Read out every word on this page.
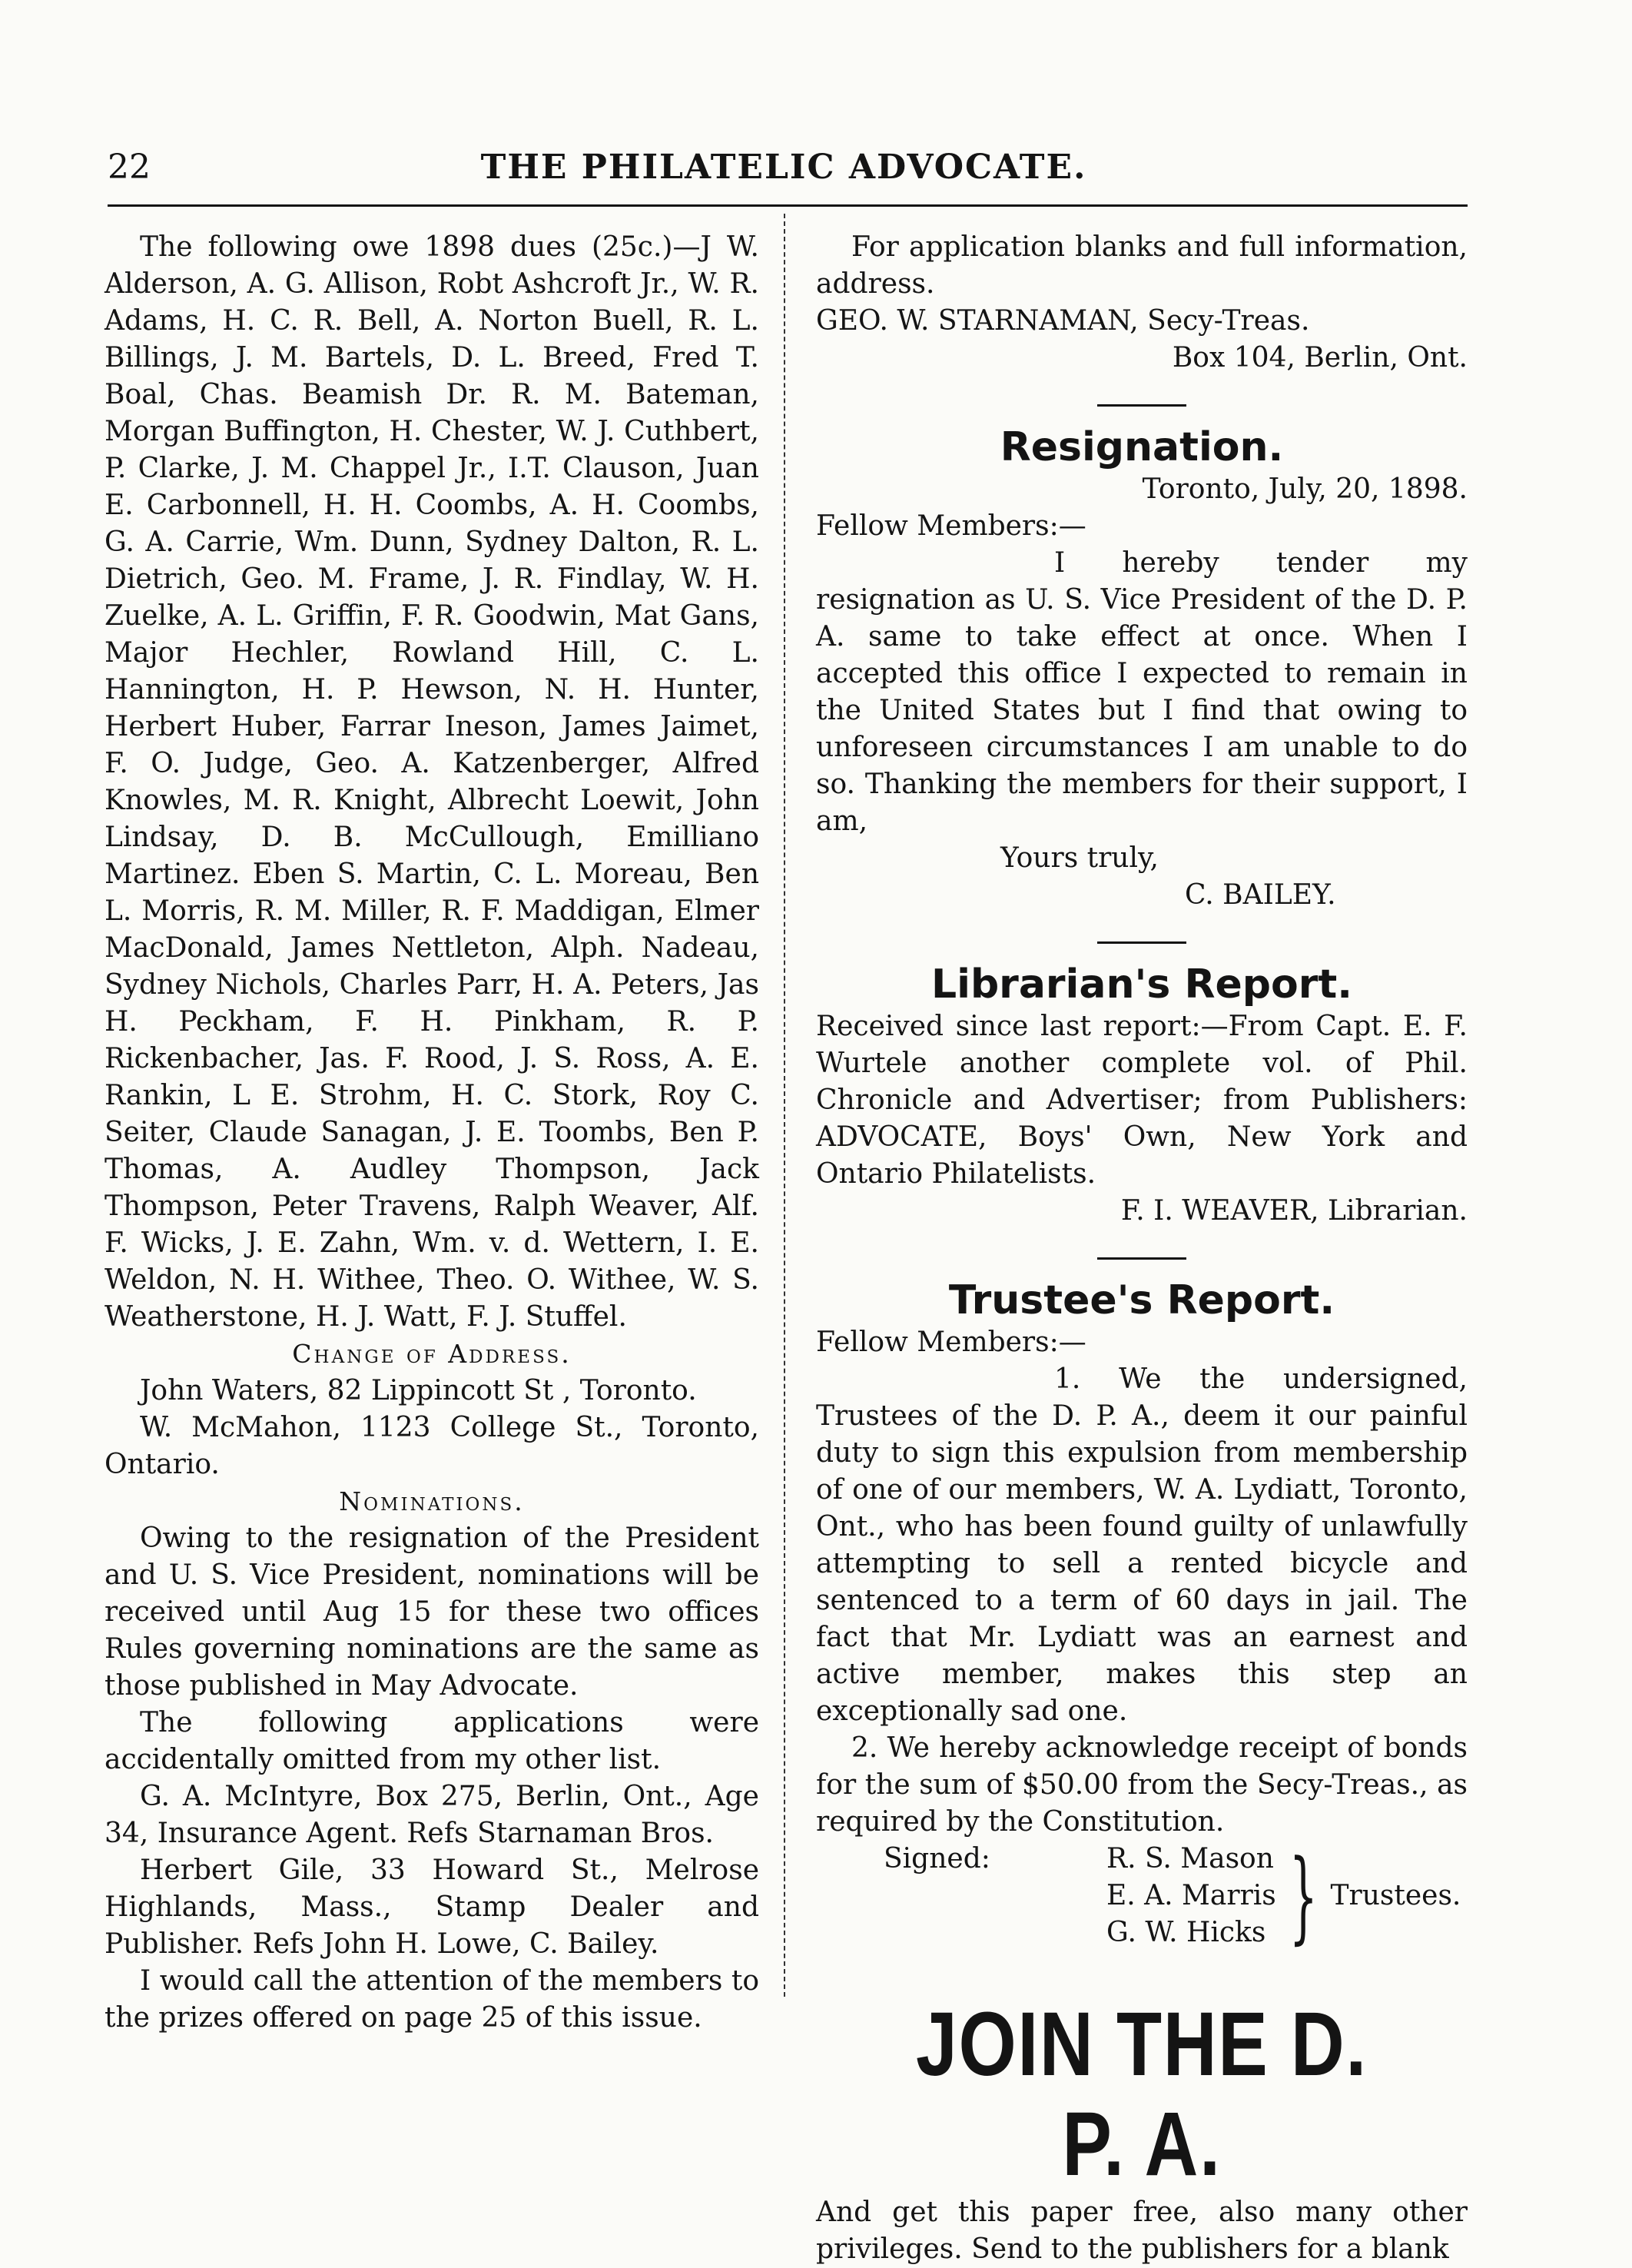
22	THE PHILATELIC ADVOCATE.

The following owe 1898 dues (25c.)—J W. Alderson, A. G. Allison, Robt Ashcroft Jr., W. R. Adams, H. C. R. Bell, A. Norton Buell, R. L. Billings, J. M. Bartels, D. L. Breed, Fred T. Boal, Chas. Beamish Dr. R. M. Bateman, Morgan Buffington, H. Chester, W. J. Cuthbert, P. Clarke, J. M. Chappel Jr., I.T. Clauson, Juan E. Carbonnell, H. H. Coombs, A. H. Coombs, G. A. Carrie, Wm. Dunn, Sydney Dalton, R. L. Dietrich, Geo. M. Frame, J. R. Findlay, W. H. Zuelke, A. L. Griffin, F. R. Goodwin, Mat Gans, Major Hechler, Rowland Hill, C. L. Hannington, H. P. Hewson, N. H. Hunter, Herbert Huber, Farrar Ineson, James Jaimet, F. O. Judge, Geo. A. Katzenberger, Alfred Knowles, M. R. Knight, Albrecht Loewit, John Lindsay, D. B. McCullough, Emilliano Martinez. Eben S. Martin, C. L. Moreau, Ben L. Morris, R. M. Miller, R. F. Maddigan, Elmer MacDonald, James Nettleton, Alph. Nadeau, Sydney Nichols, Charles Parr, H. A. Peters, Jas H. Peckham, F. H. Pinkham, R. P. Rickenbacher, Jas. F. Rood, J. S. Ross, A. E. Rankin, L E. Strohm, H. C. Stork, Roy C. Seiter, Claude Sanagan, J. E. Toombs, Ben P. Thomas, A. Audley Thompson, Jack Thompson, Peter Travens, Ralph Weaver, Alf. F. Wicks, J. E. Zahn, Wm. v. d. Wettern, I. E. Weldon, N. H. Withee, Theo. O. Withee, W. S. Weatherstone, H. J. Watt, F. J. Stuffel.

Change of Address.

John Waters, 82 Lippincott St , Toronto.

W. McMahon, 1123 College St., Toronto, Ontario.

Nominations.

Owing to the resignation of the President and U. S. Vice President, nominations will be received until Aug 15 for these two offices Rules governing nominations are the same as those published in May Advocate.

The following applications were accidentally omitted from my other list.

G. A. McIntyre, Box 275, Berlin, Ont., Age 34, Insurance Agent. Refs Starnaman Bros.

Herbert Gile, 33 Howard St., Melrose Highlands, Mass., Stamp Dealer and Publisher. Refs John H. Lowe, C. Bailey.

I would call the attention of the members to the prizes offered on page 25 of this issue.

For application blanks and full information, address.

GEO. W. STARNAMAN, Secy-Treas.

Box 104, Berlin, Ont.

Resignation.

Toronto, July, 20, 1898.

Fellow Members:—

I hereby tender my resignation as U. S. Vice President of the D. P. A. same to take effect at once. When I accepted this office I expected to remain in the United States but I find that owing to unforeseen circumstances I am unable to do so. Thanking the members for their support, I am,

Yours truly,

C. BAILEY.

Librarian's Report.

Received since last report:—From Capt. E. F. Wurtele another complete vol. of Phil. Chronicle and Advertiser; from Publishers: ADVOCATE, Boys' Own, New York and Ontario Philatelists.

F. I. WEAVER, Librarian.

Trustee's Report.

Fellow Members:—

1. We the undersigned, Trustees of the D. P. A., deem it our painful duty to sign this expulsion from membership of one of our members, W. A. Lydiatt, Toronto, Ont., who has been found guilty of unlawfully attempting to sell a rented bicycle and sentenced to a term of 60 days in jail. The fact that Mr. Lydiatt was an earnest and active member, makes this step an exceptionally sad one.

2. We hereby acknowledge receipt of bonds for the sum of $50.00 from the Secy-Treas., as required by the Constitution.

Signed:	R. S. Mason
E. A. Marris
G. W. Hicks } Trustees.
JOIN THE D. P. A.

And get this paper free, also many other privileges. Send to the publishers for a blank
